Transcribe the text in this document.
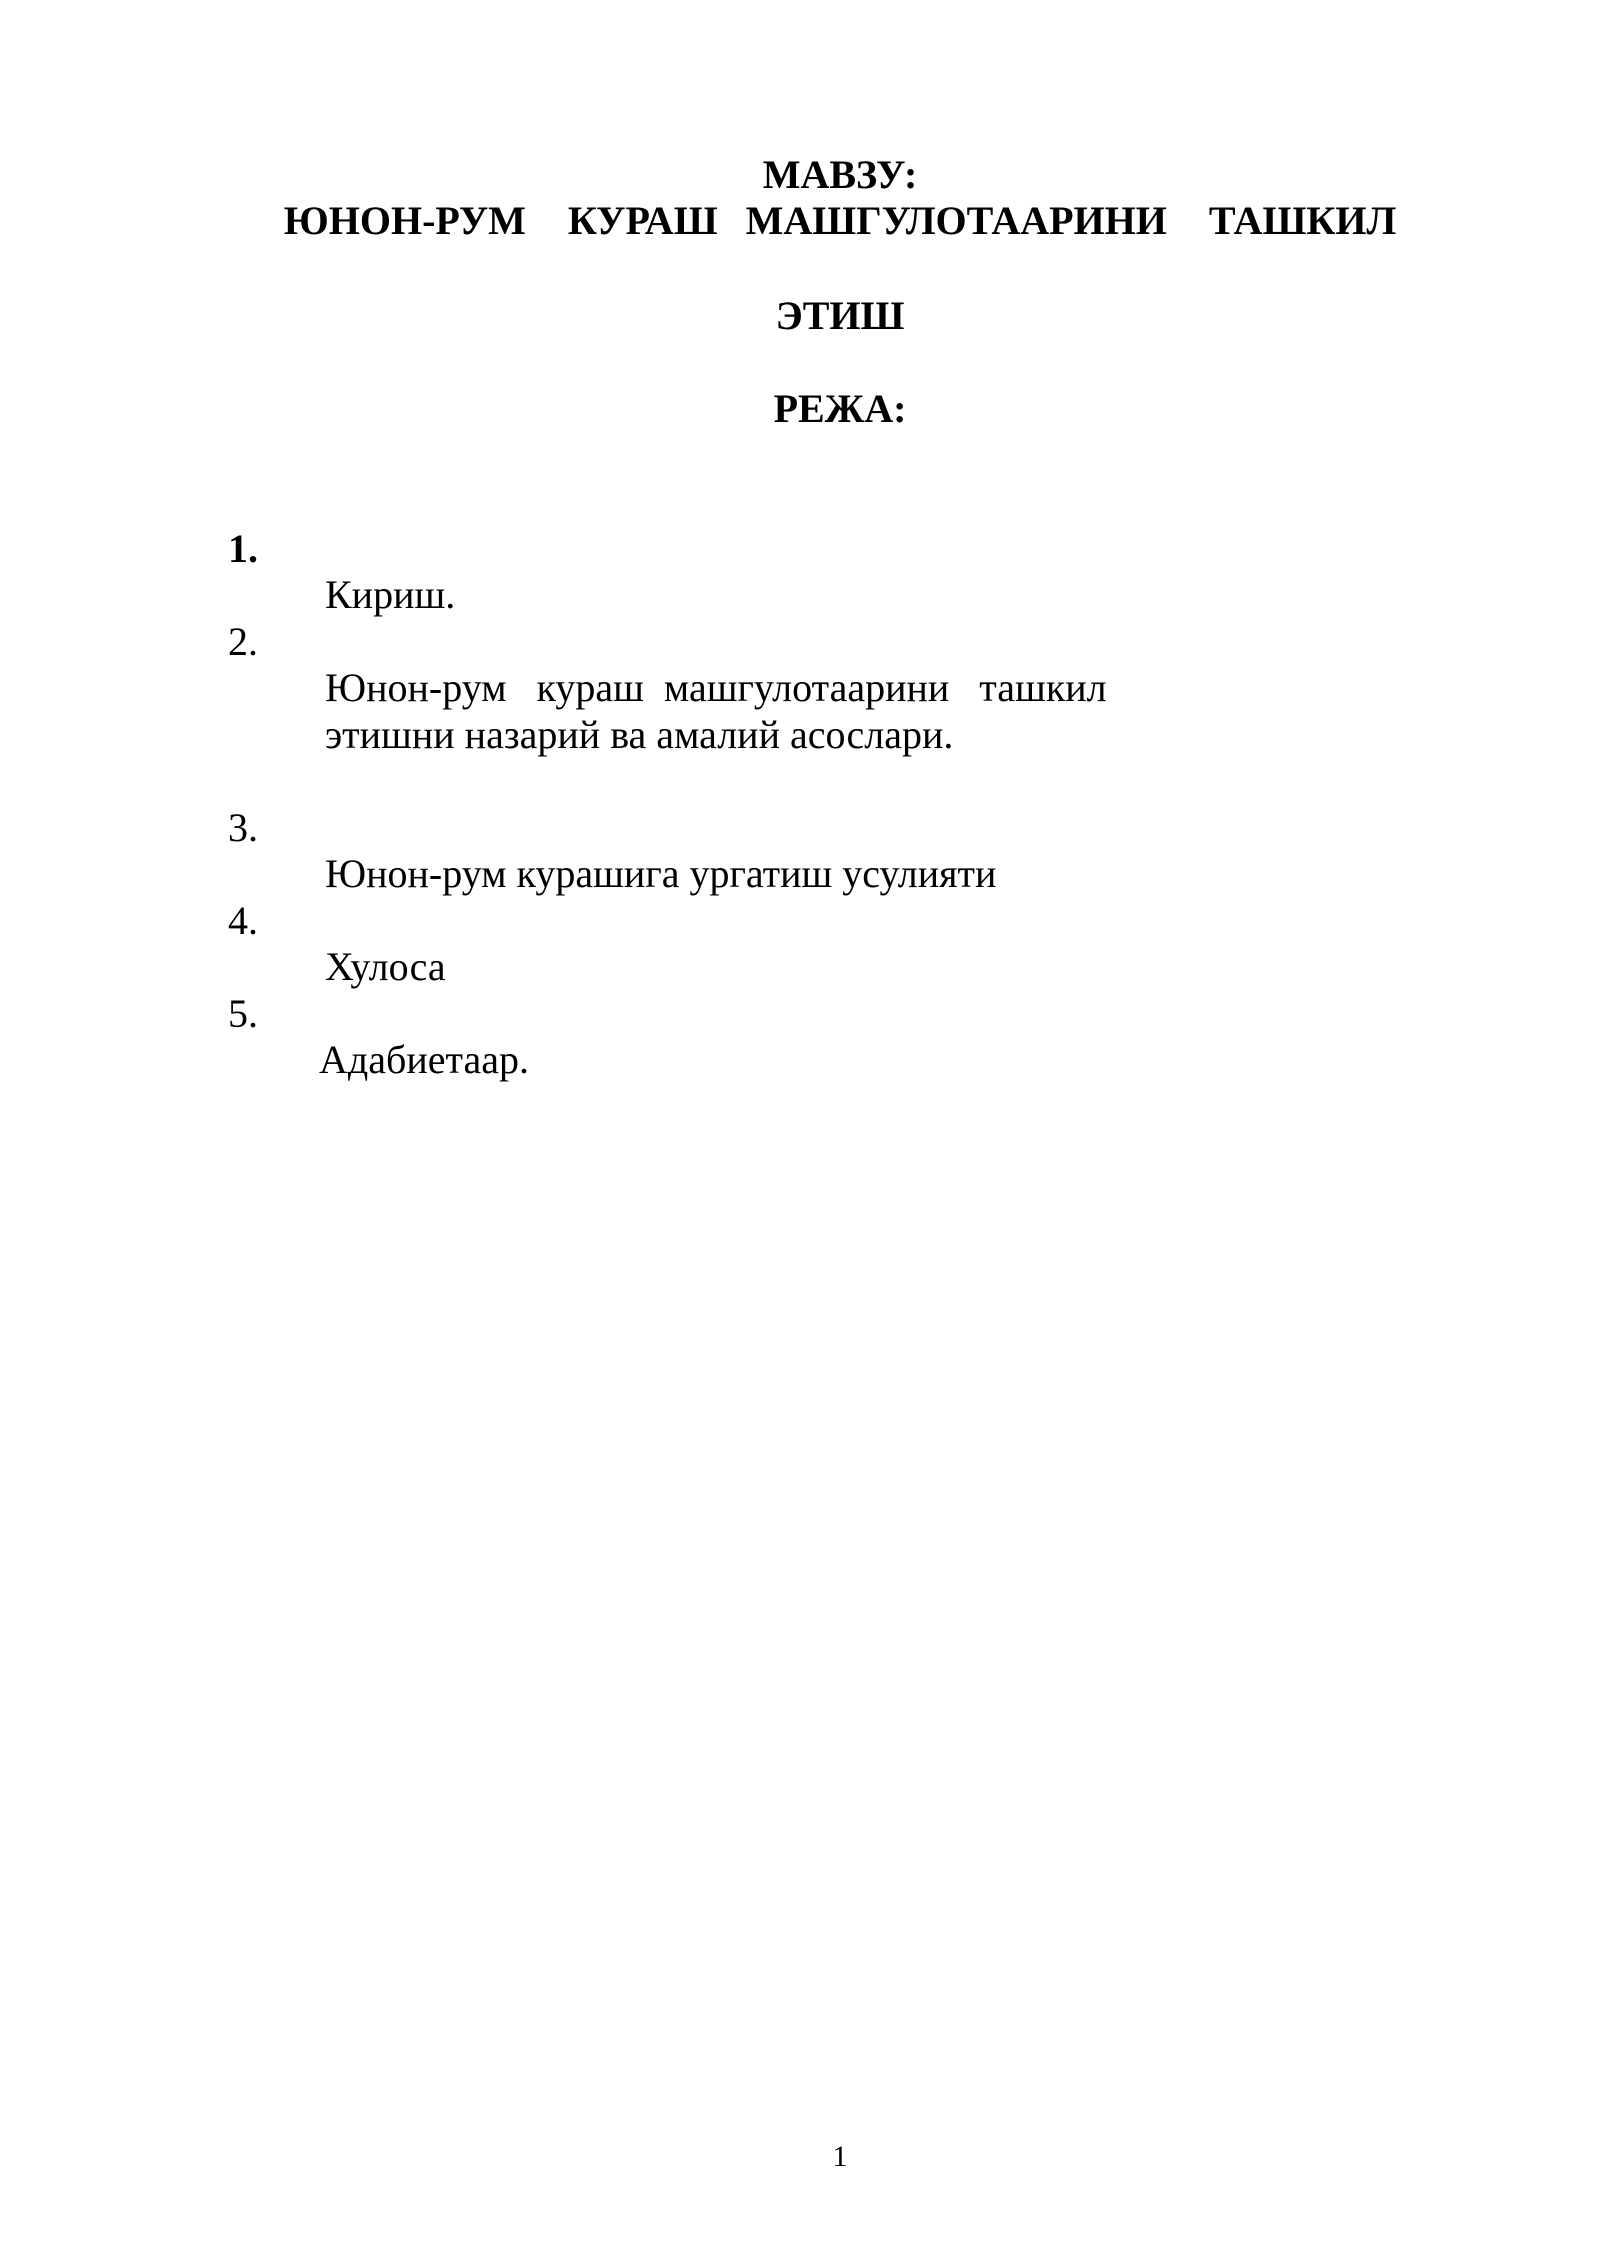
МАВЗУ:
ЮНОН-РУМ   КУРАШ  МАШГУЛОТААРИНИ   ТАШКИЛ
ЭТИШ
РЕЖА:

1.

Кириш.

2.

Юнон-рум   кураш  машгулотаарини   ташкил

этишни назарий ва амалий асослари.

3.

Юнон-рум курашига ургатиш усулияти

4.

Хулоса

5.

Адабиетаар.

1
